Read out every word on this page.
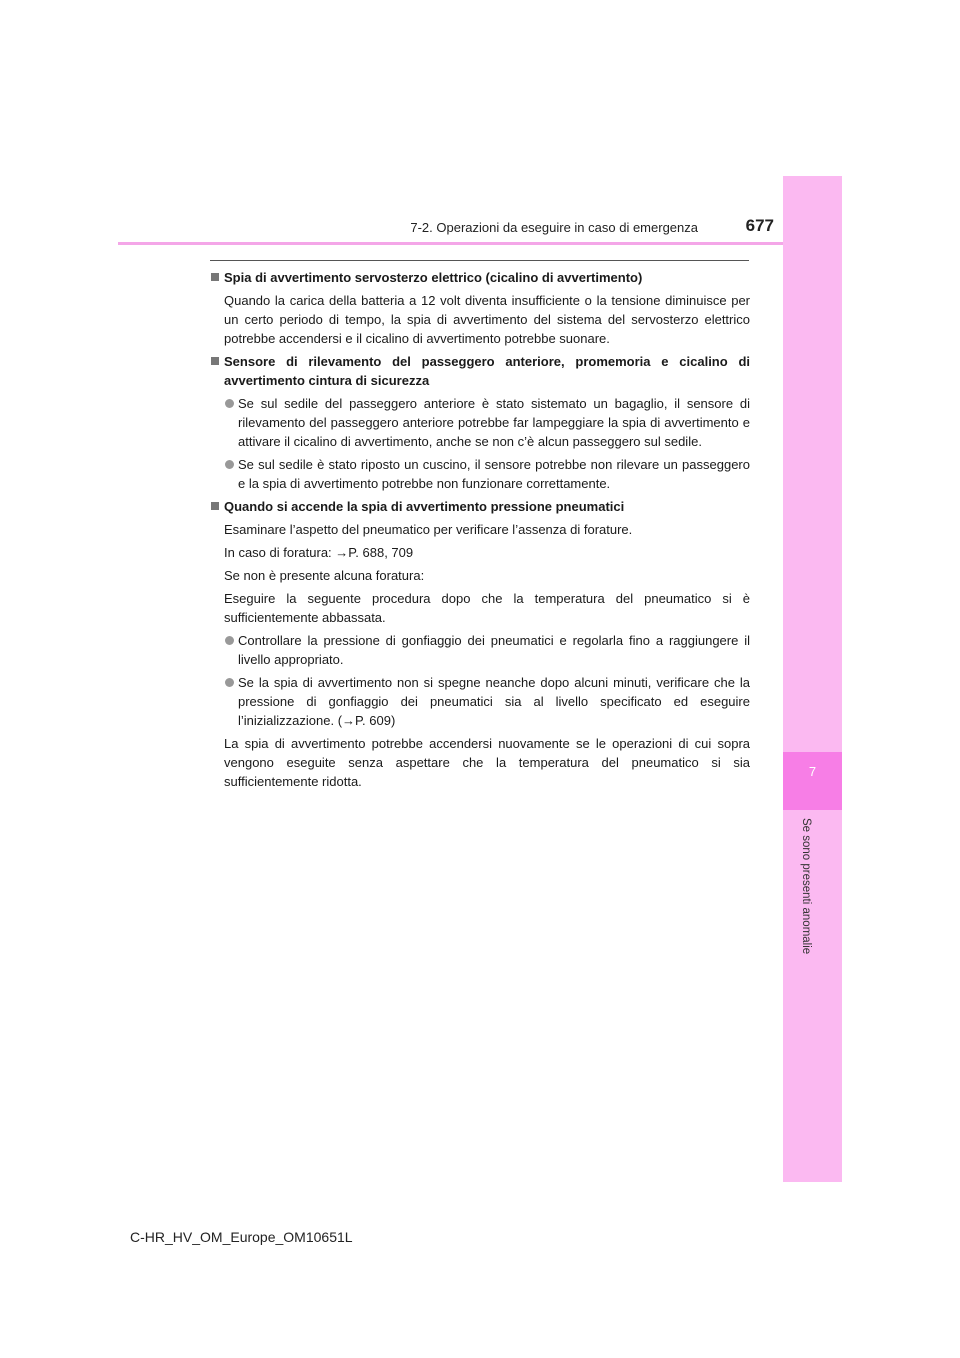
7-2. Operazioni da eseguire in caso di emergenza	677
7
Se sono presenti anomalie
Spia di avvertimento servosterzo elettrico (cicalino di avvertimento)
Quando la carica della batteria a 12 volt diventa insufficiente o la tensione diminuisce per un certo periodo di tempo, la spia di avvertimento del sistema del servosterzo elettrico potrebbe accendersi e il cicalino di avvertimento potrebbe suonare.
Sensore di rilevamento del passeggero anteriore, promemoria e cicalino di avvertimento cintura di sicurezza
Se sul sedile del passeggero anteriore è stato sistemato un bagaglio, il sensore di rilevamento del passeggero anteriore potrebbe far lampeggiare la spia di avvertimento e attivare il cicalino di avvertimento, anche se non c’è alcun passeggero sul sedile.
Se sul sedile è stato riposto un cuscino, il sensore potrebbe non rilevare un passeggero e la spia di avvertimento potrebbe non funzionare correttamente.
Quando si accende la spia di avvertimento pressione pneumatici
Esaminare l’aspetto del pneumatico per verificare l’assenza di forature.
In caso di foratura: →P. 688, 709
Se non è presente alcuna foratura:
Eseguire la seguente procedura dopo che la temperatura del pneumatico si è sufficientemente abbassata.
Controllare la pressione di gonfiaggio dei pneumatici e regolarla fino a raggiungere il livello appropriato.
Se la spia di avvertimento non si spegne neanche dopo alcuni minuti, verificare che la pressione di gonfiaggio dei pneumatici sia al livello specificato ed eseguire l’inizializzazione. (→P. 609)
La spia di avvertimento potrebbe accendersi nuovamente se le operazioni di cui sopra vengono eseguite senza aspettare che la temperatura del pneumatico si sia sufficientemente ridotta.
C-HR_HV_OM_Europe_OM10651L
